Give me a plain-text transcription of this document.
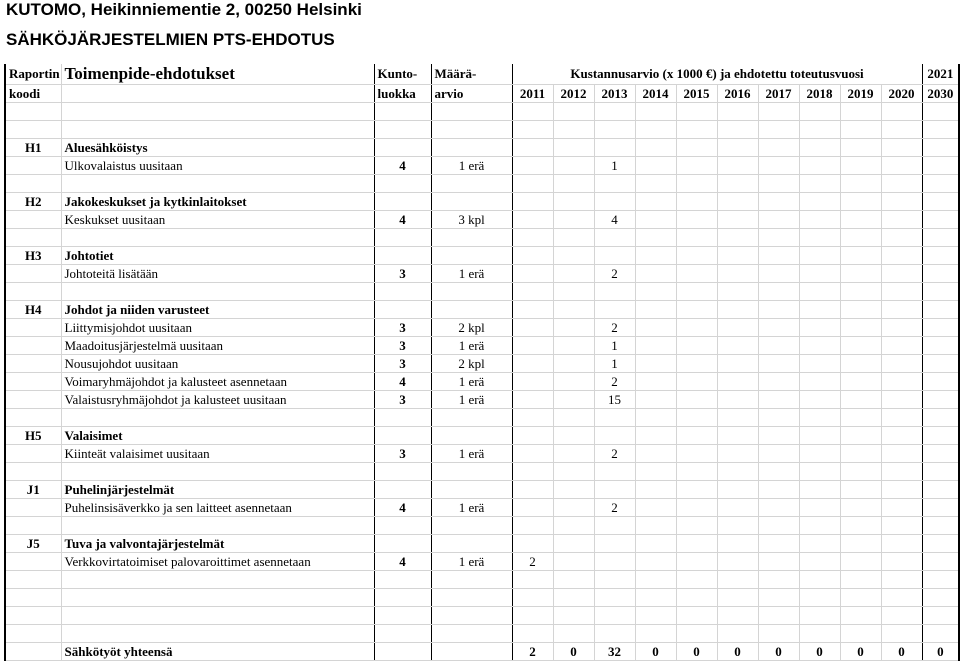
KUTOMO, Heikinniementie 2, 00250 Helsinki
SÄHKÖJÄRJESTELMIEN PTS-EHDOTUS
Raportin	Toimenpide-ehdotukset	Kunto-	Määrä-	Kustannusarvio (x 1000 €) ja ehdotettu toteutusvuosi										2021
koodi		luokka	arvio	2011	2012	2013	2014	2015	2016	2017	2018	2019	2020	2030

H1	Aluesähköistys													
	Ulkovalaistus uusitaan	4	1 erä			1								

H2	Jakokeskukset ja kytkinlaitokset													
	Keskukset uusitaan	4	3 kpl			4								

H3	Johtotiet													
	Johtoteitä lisätään	3	1 erä			2								

H4	Johdot ja niiden varusteet													
	Liittymisjohdot uusitaan	3	2 kpl			2								
	Maadoitusjärjestelmä uusitaan	3	1 erä			1								
	Nousujohdot uusitaan	3	2 kpl			1								
	Voimaryhmäjohdot ja kalusteet asennetaan	4	1 erä			2								
	Valaistusryhmäjohdot ja kalusteet uusitaan	3	1 erä			15								

H5	Valaisimet													
	Kiinteät valaisimet uusitaan	3	1 erä			2								

J1	Puhelinjärjestelmät													
	Puhelinsisäverkko ja sen laitteet asennetaan	4	1 erä			2								

J5	Tuva ja valvontajärjestelmät													
	Verkkovirtatoimiset palovaroittimet asennetaan	4	1 erä	2										

	Sähkötyöt yhteensä			2	0	32	0	0	0	0	0	0	0	0
